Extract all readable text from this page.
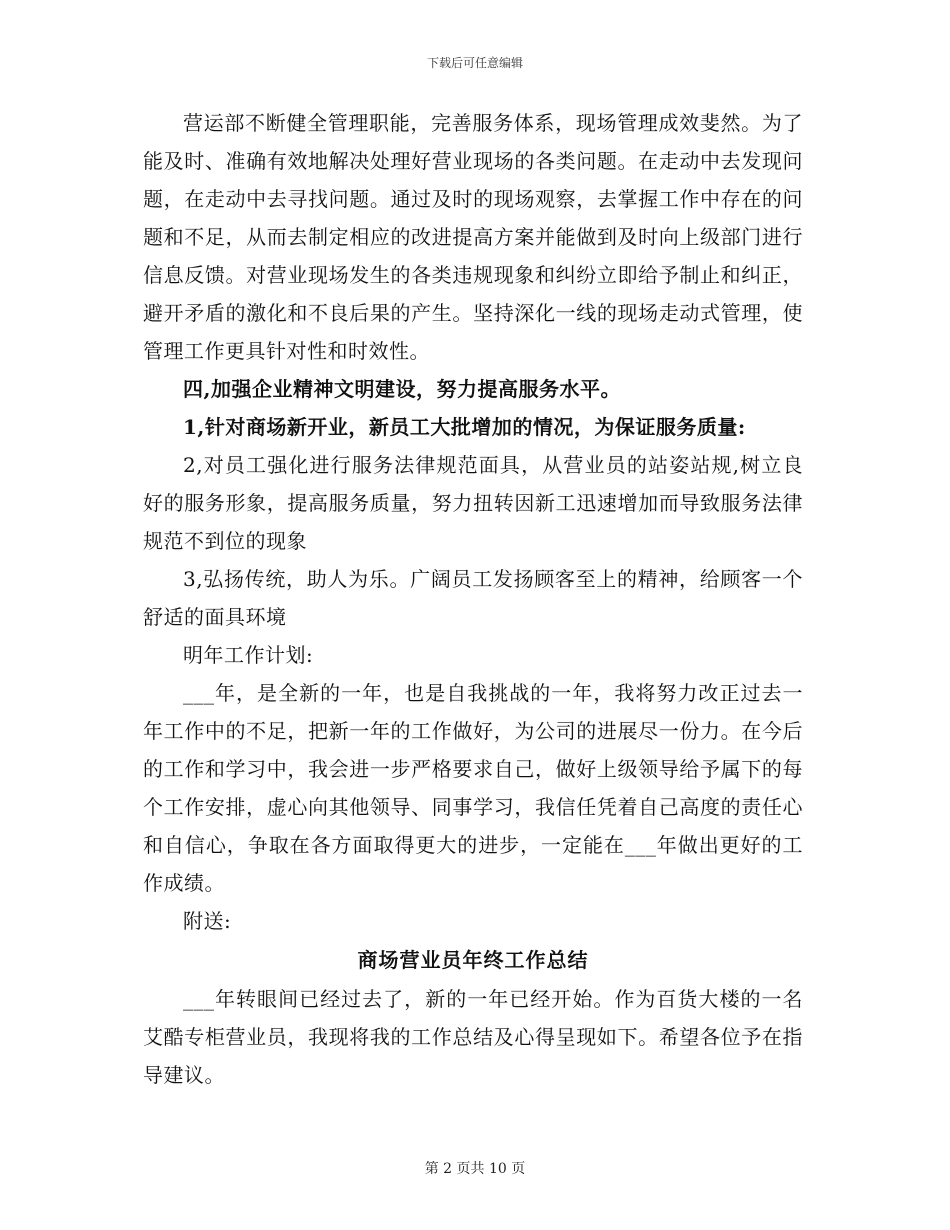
下载后可任意编辑

营运部不断健全管理职能，完善服务体系，现场管理成效斐然。为了能及时、准确有效地解决处理好营业现场的各类问题。在走动中去发现问题，在走动中去寻找问题。通过及时的现场观察，去掌握工作中存在的问题和不足，从而去制定相应的改进提高方案并能做到及时向上级部门进行信息反馈。对营业现场发生的各类违规现象和纠纷立即给予制止和纠正，避开矛盾的激化和不良后果的产生。坚持深化一线的现场走动式管理，使管理工作更具针对性和时效性。

四,加强企业精神文明建设，努力提高服务水平。

1,针对商场新开业，新员工大批增加的情况，为保证服务质量:

2,对员工强化进行服务法律规范面具，从营业员的站姿站规,树立良好的服务形象，提高服务质量，努力扭转因新工迅速增加而导致服务法律规范不到位的现象

3,弘扬传统，助人为乐。广阔员工发扬顾客至上的精神，给顾客一个舒适的面具环境

明年工作计划:

___年，是全新的一年，也是自我挑战的一年，我将努力改正过去一年工作中的不足，把新一年的工作做好，为公司的进展尽一份力。在今后的工作和学习中，我会进一步严格要求自己，做好上级领导给予属下的每个工作安排，虚心向其他领导、同事学习，我信任凭着自己高度的责任心和自信心，争取在各方面取得更大的进步，一定能在___年做出更好的工作成绩。

附送:

商场营业员年终工作总结

___年转眼间已经过去了，新的一年已经开始。作为百货大楼的一名艾酷专柜营业员，我现将我的工作总结及心得呈现如下。希望各位予在指导建议。

第 2 页共 10 页
